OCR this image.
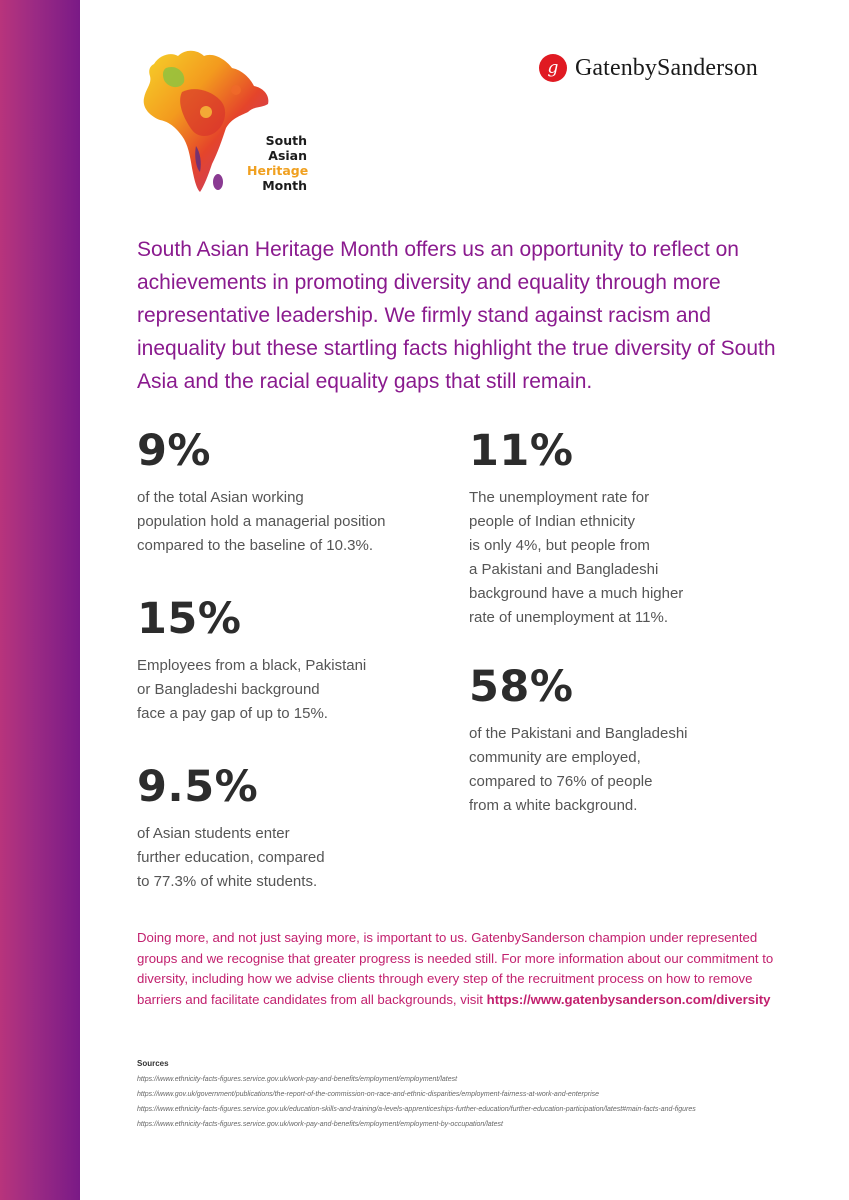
South
Asian
Heritage
Month
g GatenbySanderson
South Asian Heritage Month offers us an opportunity to reflect on achievements in promoting diversity and equality through more representative leadership. We firmly stand against racism and inequality but these startling facts highlight the true diversity of South Asia and the racial equality gaps that still remain.
9%
of the total Asian working
population hold a managerial position
compared to the baseline of 10.3%.
15%
Employees from a black, Pakistani
or Bangladeshi background
face a pay gap of up to 15%.
9.5%
of Asian students enter
further education, compared
to 77.3% of white students.
11%
The unemployment rate for
people of Indian ethnicity
is only 4%, but people from
a Pakistani and Bangladeshi
background have a much higher
rate of unemployment at 11%.
58%
of the Pakistani and Bangladeshi
community are employed,
compared to 76% of people
from a white background.
Doing more, and not just saying more, is important to us. GatenbySanderson champion under represented groups and we recognise that greater progress is needed still. For more information about our commitment to diversity, including how we advise clients through every step of the recruitment process on how to remove barriers and facilitate candidates from all backgrounds, visit https://www.gatenbysanderson.com/diversity
Sources
https://www.ethnicity-facts-figures.service.gov.uk/work-pay-and-benefits/employment/employment/latest
https://www.gov.uk/government/publications/the-report-of-the-commission-on-race-and-ethnic-disparities/employment-fairness-at-work-and-enterprise
https://www.ethnicity-facts-figures.service.gov.uk/education-skills-and-training/a-levels-apprenticeships-further-education/further-education-participation/latest#main-facts-and-figures
https://www.ethnicity-facts-figures.service.gov.uk/work-pay-and-benefits/employment/employment-by-occupation/latest
